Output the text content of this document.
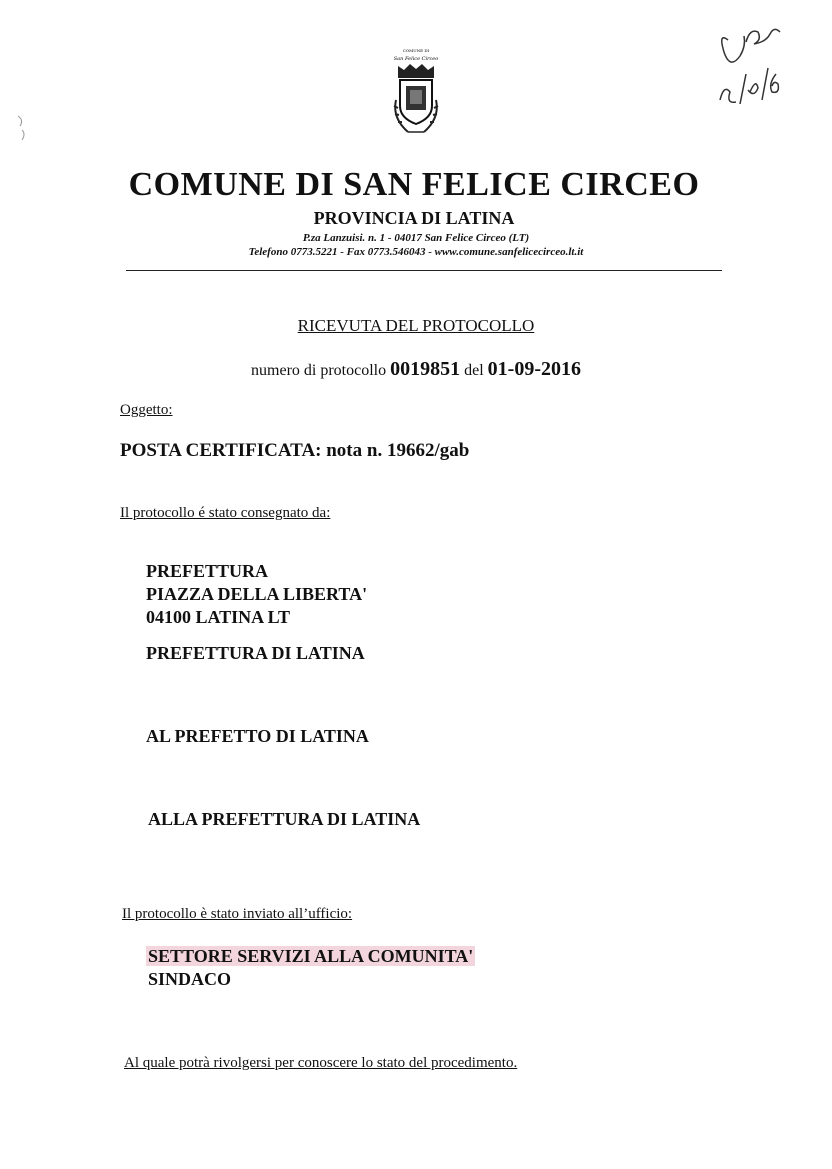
COMUNE DI
San Felice Circeo
COMUNE DI SAN FELICE CIRCEO
PROVINCIA DI LATINA
P.za Lanzuisi. n. 1 - 04017 San Felice Circeo (LT)
Telefono 0773.5221 - Fax 0773.546043 - www.comune.sanfelicecirceo.lt.it
RICEVUTA DEL PROTOCOLLO
numero di protocollo 0019851 del 01-09-2016
Oggetto:
POSTA CERTIFICATA: nota n. 19662/gab
Il protocollo é stato consegnato da:
PREFETTURA
PIAZZA DELLA LIBERTA'
04100 LATINA LT
PREFETTURA DI LATINA
AL PREFETTO DI LATINA
ALLA PREFETTURA DI LATINA
Il protocollo è stato inviato all’ufficio:
SETTORE SERVIZI ALLA COMUNITA'
SINDACO
Al quale potrà rivolgersi per conoscere lo stato del procedimento.
